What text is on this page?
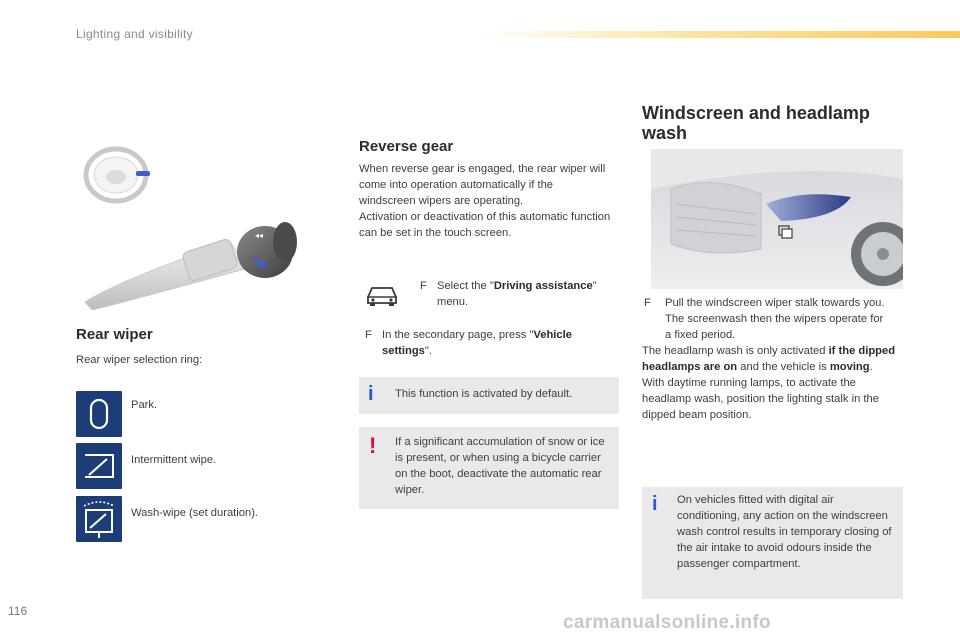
Lighting and visibility
◂◂
Rear wiper
Rear wiper selection ring:
Park.
Intermittent wipe.
Wash-wipe (set duration).
Reverse gear
When reverse gear is engaged, the rear wiper will come into operation automatically if the windscreen wipers are operating.
Activation or deactivation of this automatic function can be set in the touch screen.
F Select the "Driving assistance" menu.
F In the secondary page, press "Vehicle settings".
i This function is activated by default.
! If a significant accumulation of snow or ice is present, or when using a bicycle carrier on the boot, deactivate the automatic rear wiper.
Windscreen and headlamp
wash
F Pull the windscreen wiper stalk towards you. The screenwash then the wipers operate for a fixed period.
The headlamp wash is only activated if the dipped headlamps are on and the vehicle is moving.
With daytime running lamps, to activate the headlamp wash, position the lighting stalk in the dipped beam position.
i On vehicles fitted with digital air conditioning, any action on the windscreen wash control results in temporary closing of the air intake to avoid odours inside the passenger compartment.
116
carmanualsonline.info
